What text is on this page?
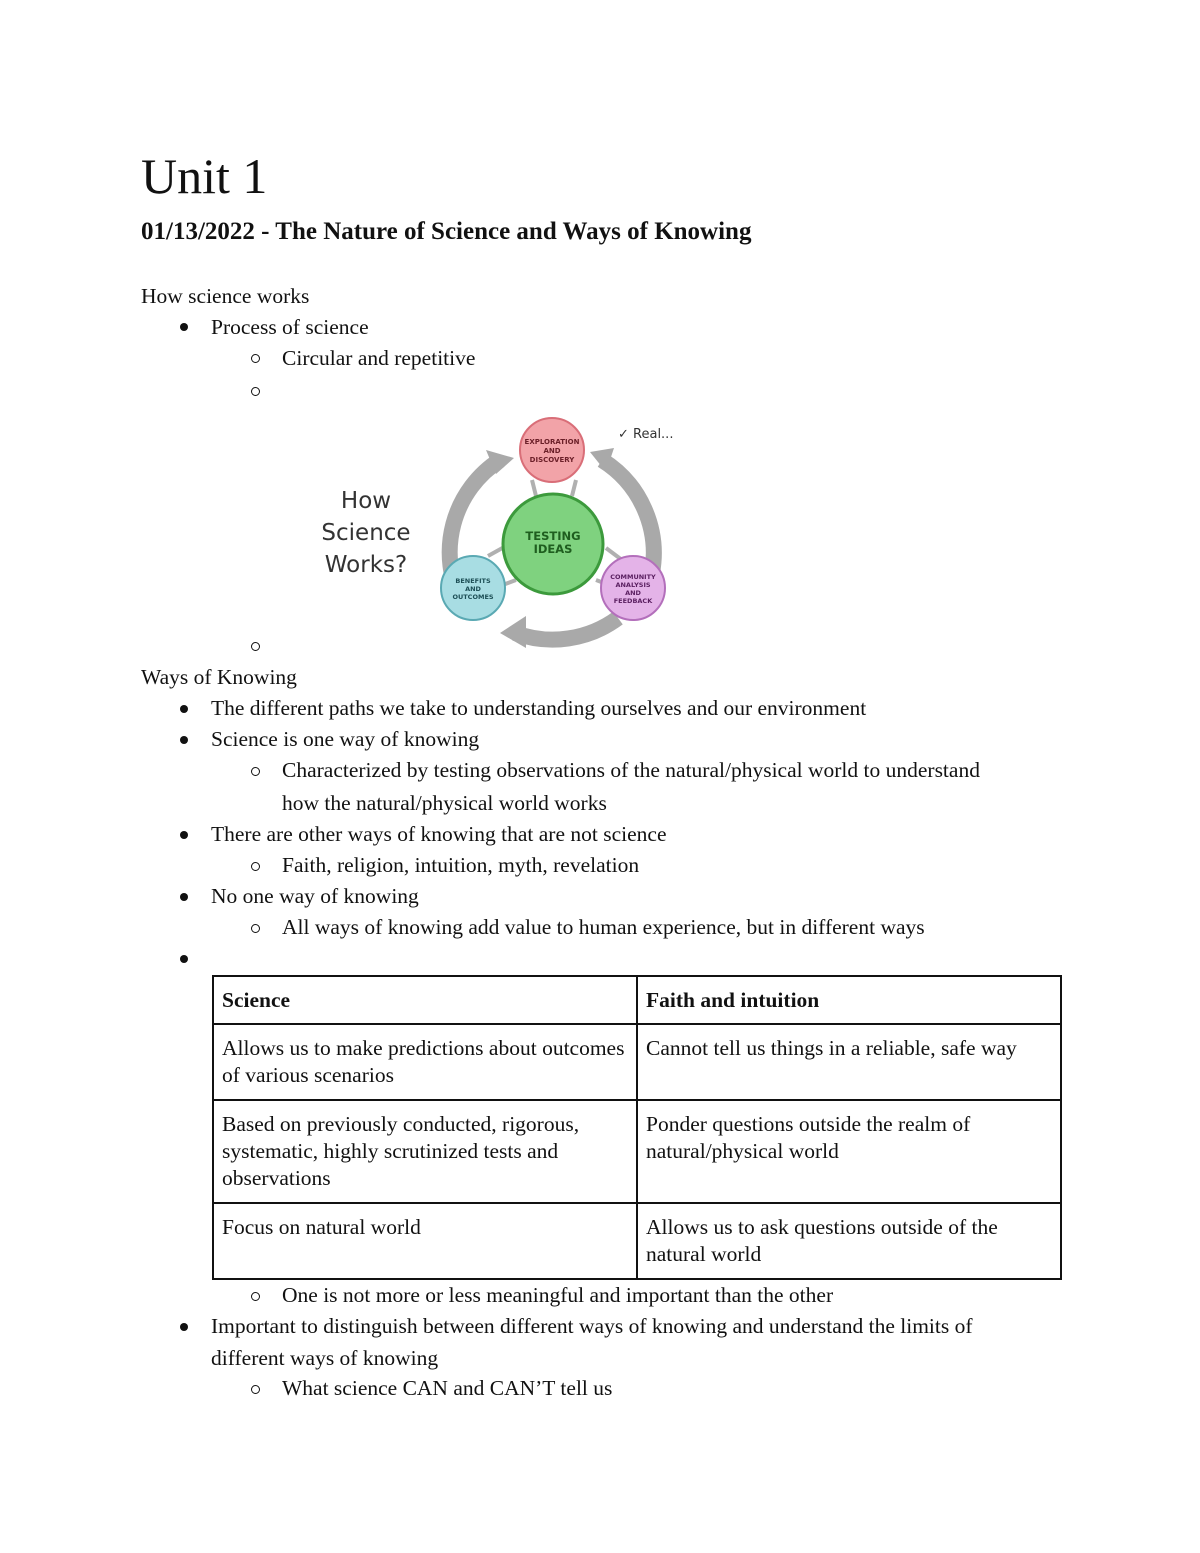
Unit 1
01/13/2022 - The Nature of Science and Ways of Knowing
How science works
Process of science
Circular and repetitive
EXPLORATION
AND
DISCOVERY
TESTING
IDEAS
BENEFITS
AND
OUTCOMES
COMMUNITY
ANALYSIS
AND
FEEDBACK
How
Science
Works?
✓ Real...
Ways of Knowing
The different paths we take to understanding ourselves and our environment
Science is one way of knowing
Characterized by testing observations of the natural/physical world to understand
how the natural/physical world works
There are other ways of knowing that are not science
Faith, religion, intuition, myth, revelation
No one way of knowing
All ways of knowing add value to human experience, but in different ways
Science	Faith and intuition
Allows us to make predictions about outcomes of various scenarios	Cannot tell us things in a reliable, safe way
Based on previously conducted, rigorous, systematic, highly scrutinized tests and observations	Ponder questions outside the realm of natural/physical world
Focus on natural world	Allows us to ask questions outside of the natural world
One is not more or less meaningful and important than the other
Important to distinguish between different ways of knowing and understand the limits of
different ways of knowing
What science CAN and CAN’T tell us
